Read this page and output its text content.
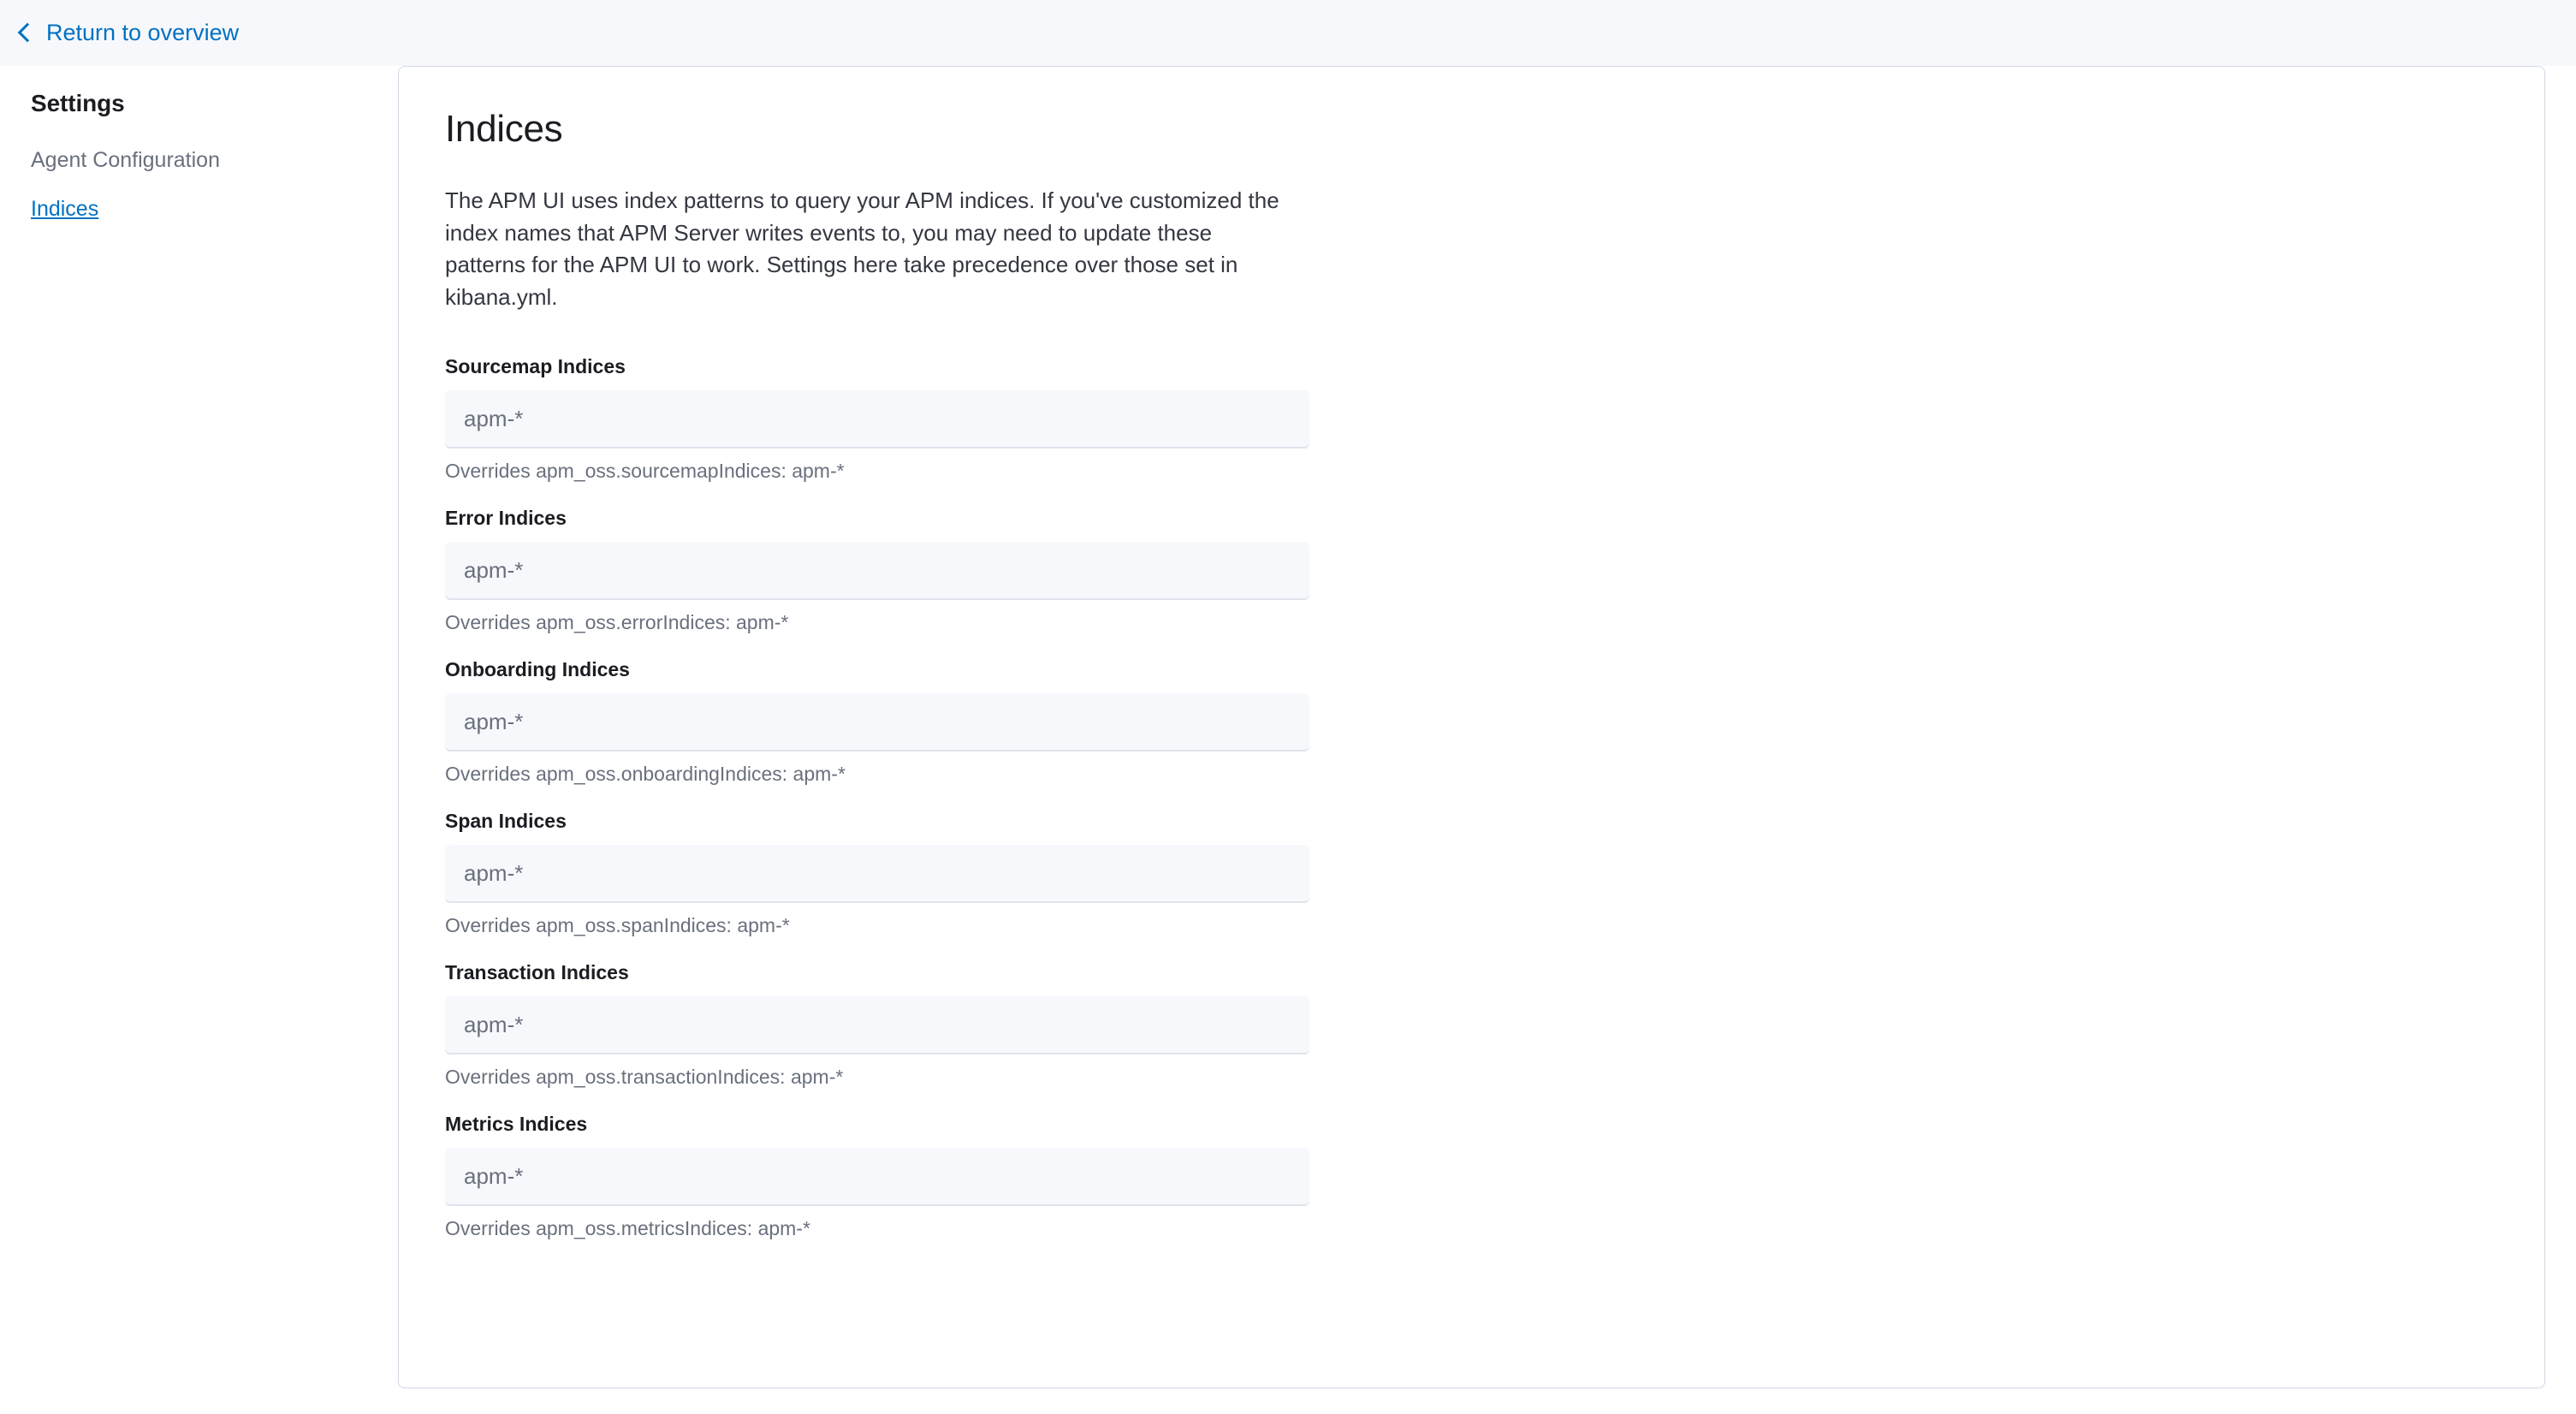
Return to overview
Settings
Agent Configuration
Indices
Indices

The APM UI uses index patterns to query your APM indices. If you've customized the index names that APM Server writes events to, you may need to update these patterns for the APM UI to work. Settings here take precedence over those set in kibana.yml.

Sourcemap Indices
apm-*
Overrides apm_oss.sourcemapIndices: apm-*
Error Indices
apm-*
Overrides apm_oss.errorIndices: apm-*
Onboarding Indices
apm-*
Overrides apm_oss.onboardingIndices: apm-*
Span Indices
apm-*
Overrides apm_oss.spanIndices: apm-*
Transaction Indices
apm-*
Overrides apm_oss.transactionIndices: apm-*
Metrics Indices
apm-*
Overrides apm_oss.metricsIndices: apm-*
